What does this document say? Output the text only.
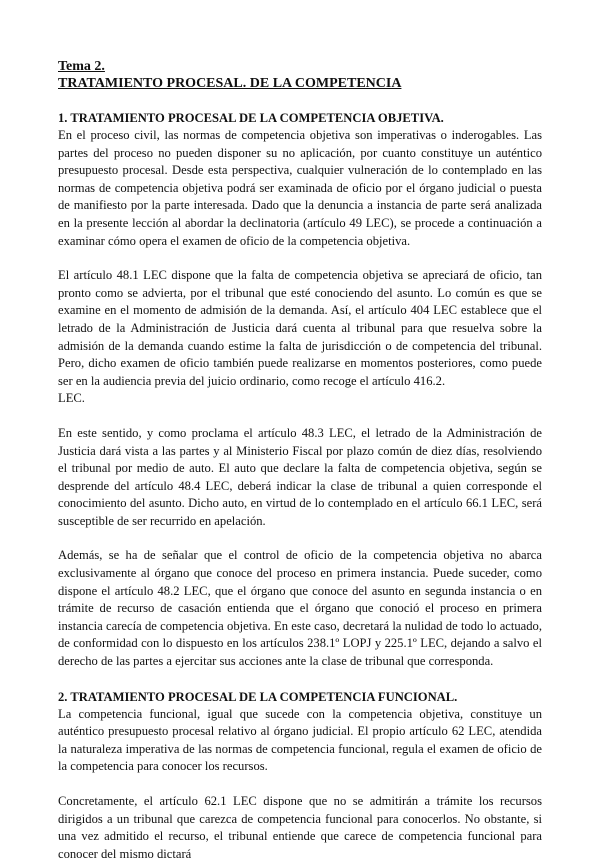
Tema 2.
TRATAMIENTO PROCESAL. DE LA COMPETENCIA
1. TRATAMIENTO PROCESAL DE LA COMPETENCIA OBJETIVA.

En el proceso civil, las normas de competencia objetiva son imperativas o inderogables. Las partes del proceso no pueden disponer su no aplicación, por cuanto constituye un auténtico presupuesto procesal. Desde esta perspectiva, cualquier vulneración de lo contemplado en las normas de competencia objetiva podrá ser examinada de oficio por el órgano judicial o puesta de manifiesto por la parte interesada. Dado que la denuncia a instancia de parte será analizada en la presente lección al abordar la declinatoria (artículo 49 LEC), se procede a continuación a examinar cómo opera el examen de oficio de la competencia objetiva.

El artículo 48.1 LEC dispone que la falta de competencia objetiva se apreciará de oficio, tan pronto como se advierta, por el tribunal que esté conociendo del asunto. Lo común es que se examine en el momento de admisión de la demanda. Así, el artículo 404 LEC establece que el letrado de la Administración de Justicia dará cuenta al tribunal para que resuelva sobre la admisión de la demanda cuando estime la falta de jurisdicción o de competencia del tribunal. Pero, dicho examen de oficio también puede realizarse en momentos posteriores, como puede ser en la audiencia previa del juicio ordinario, como recoge el artículo 416.2.

LEC.

En este sentido, y como proclama el artículo 48.3 LEC, el letrado de la Administración de Justicia dará vista a las partes y al Ministerio Fiscal por plazo común de diez días, resolviendo el tribunal por medio de auto. El auto que declare la falta de competencia objetiva, según se desprende del artículo 48.4 LEC, deberá indicar la clase de tribunal a quien corresponde el conocimiento del asunto. Dicho auto, en virtud de lo contemplado en el artículo 66.1 LEC, será susceptible de ser recurrido en apelación.

Además, se ha de señalar que el control de oficio de la competencia objetiva no abarca exclusivamente al órgano que conoce del proceso en primera instancia. Puede suceder, como dispone el artículo 48.2 LEC, que el órgano que conoce del asunto en segunda instancia o en trámite de recurso de casación entienda que el órgano que conoció el proceso en primera instancia carecía de competencia objetiva. En este caso, decretará la nulidad de todo lo actuado, de conformidad con lo dispuesto en los artículos 238.1º LOPJ y 225.1º LEC, dejando a salvo el derecho de las partes a ejercitar sus acciones ante la clase de tribunal que corresponda.

2. TRATAMIENTO PROCESAL DE LA COMPETENCIA FUNCIONAL.

La competencia funcional, igual que sucede con la competencia objetiva, constituye un auténtico presupuesto procesal relativo al órgano judicial. El propio artículo 62 LEC, atendida la naturaleza imperativa de las normas de competencia funcional, regula el examen de oficio de la competencia para conocer los recursos.

Concretamente, el artículo 62.1 LEC dispone que no se admitirán a trámite los recursos dirigidos a un tribunal que carezca de competencia funcional para conocerlos. No obstante, si una vez admitido el recurso, el tribunal entiende que carece de competencia funcional para conocer del mismo dictará
